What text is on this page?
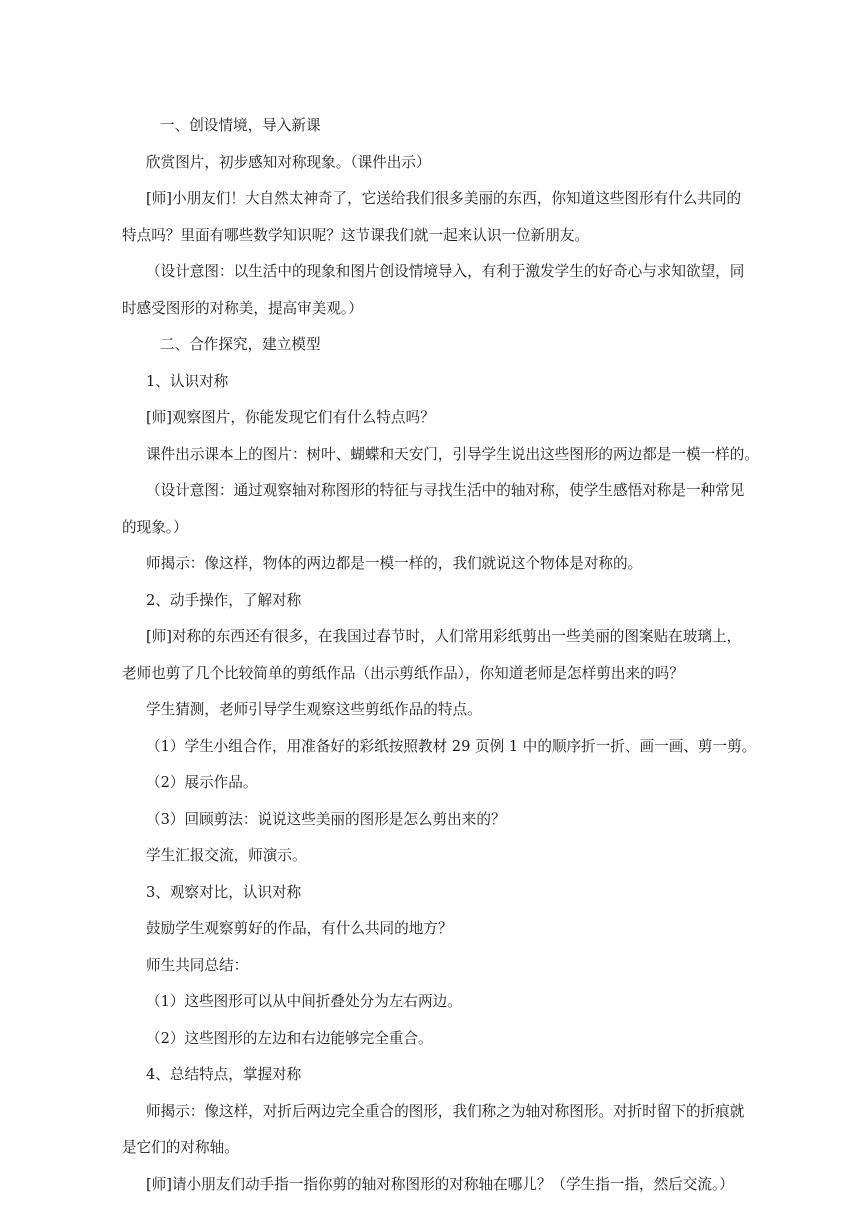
一、创设情境，导入新课
欣赏图片，初步感知对称现象。（课件出示）
[师]小朋友们！大自然太神奇了，它送给我们很多美丽的东西，你知道这些图形有什么共同的
特点吗？里面有哪些数学知识呢？这节课我们就一起来认识一位新朋友。
（设计意图：以生活中的现象和图片创设情境导入，有利于激发学生的好奇心与求知欲望，同
时感受图形的对称美，提高审美观。）
二、合作探究，建立模型
1、认识对称
[师]观察图片，你能发现它们有什么特点吗？
课件出示课本上的图片：树叶、蝴蝶和天安门，引导学生说出这些图形的两边都是一模一样的。
（设计意图：通过观察轴对称图形的特征与寻找生活中的轴对称，使学生感悟对称是一种常见
的现象。）
师揭示：像这样，物体的两边都是一模一样的，我们就说这个物体是对称的。
2、动手操作，了解对称
[师]对称的东西还有很多，在我国过春节时，人们常用彩纸剪出一些美丽的图案贴在玻璃上，
老师也剪了几个比较简单的剪纸作品（出示剪纸作品），你知道老师是怎样剪出来的吗？
学生猜测，老师引导学生观察这些剪纸作品的特点。
（1）学生小组合作，用准备好的彩纸按照教材 29 页例 1 中的顺序折一折、画一画、剪一剪。
（2）展示作品。
（3）回顾剪法：说说这些美丽的图形是怎么剪出来的？
学生汇报交流，师演示。
3、观察对比，认识对称
鼓励学生观察剪好的作品，有什么共同的地方？
师生共同总结：
（1）这些图形可以从中间折叠处分为左右两边。
（2）这些图形的左边和右边能够完全重合。
4、总结特点，掌握对称
师揭示：像这样，对折后两边完全重合的图形，我们称之为轴对称图形。对折时留下的折痕就
是它们的对称轴。
[师]请小朋友们动手指一指你剪的轴对称图形的对称轴在哪儿？（学生指一指，然后交流。）
